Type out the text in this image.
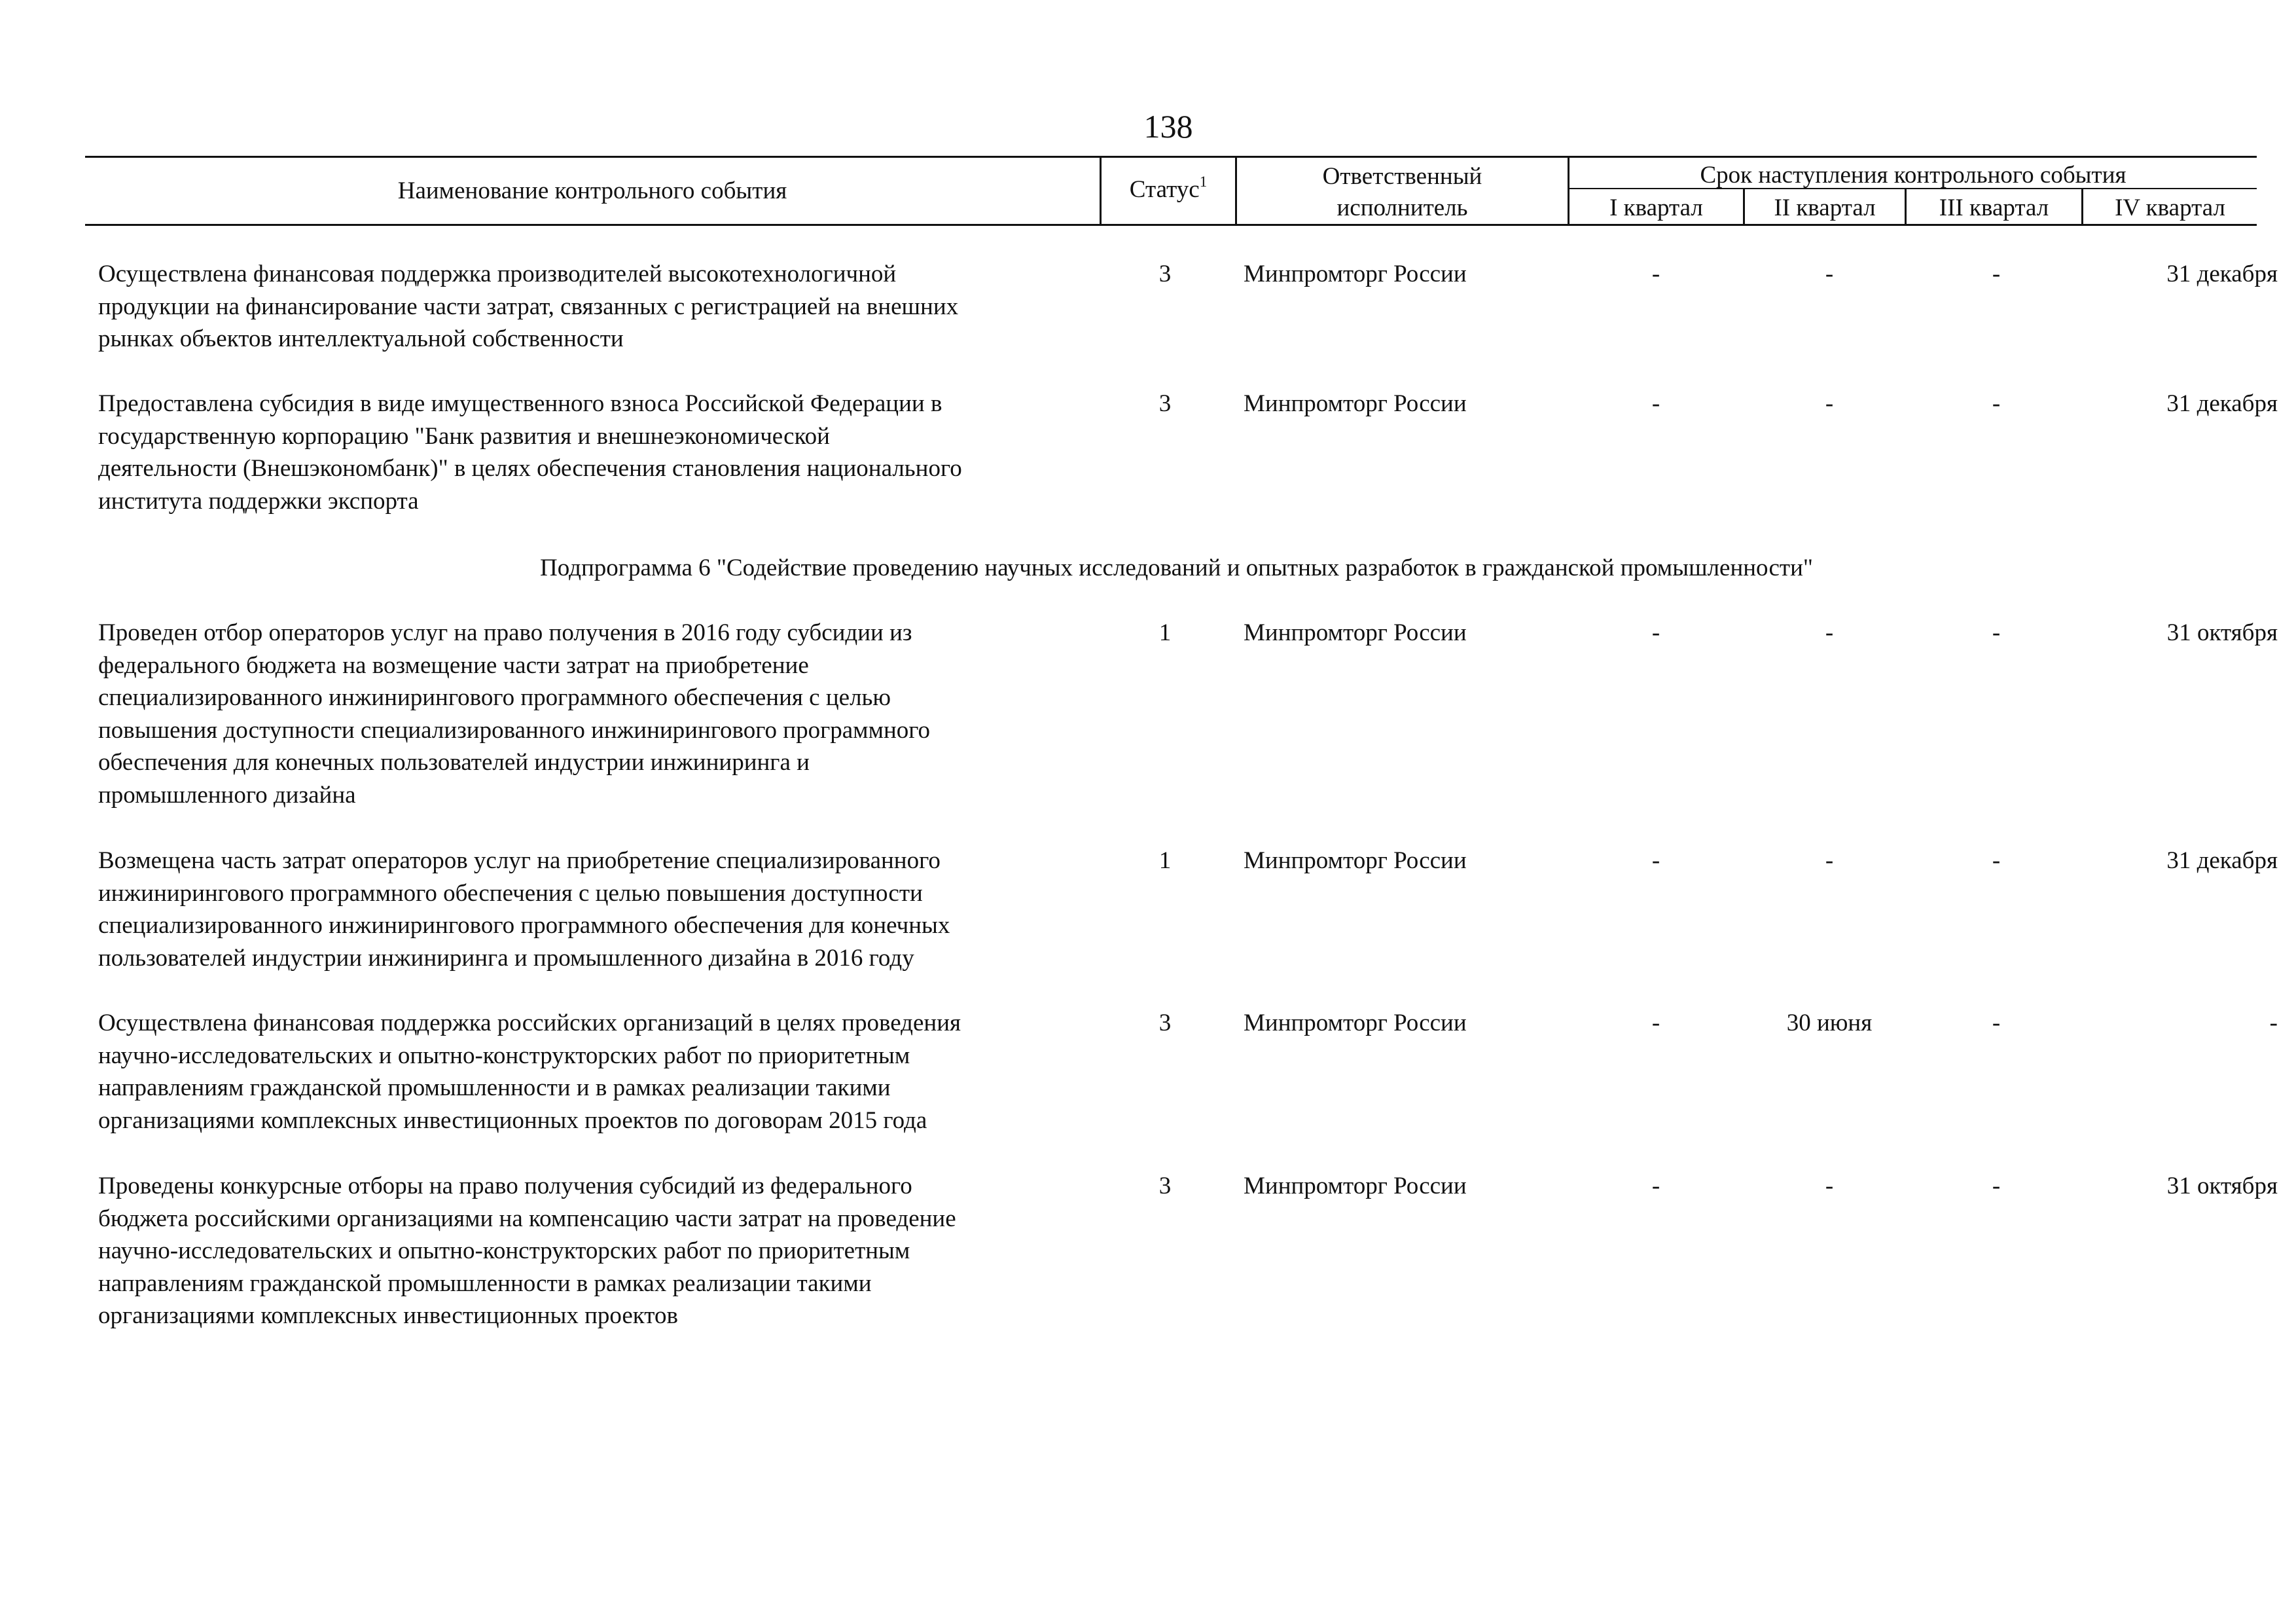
138
Наименование контрольного события	Статус$^1$	Ответственный
исполнитель
Срок наступления контрольного события
I квартал	II квартал	III квартал	IV квартал
Осуществлена финансовая поддержка производителей высокотехнологичной
продукции на финансирование части затрат, связанных с регистрацией на внешних
рынках объектов интеллектуальной собственности
3	Минпромторг России	-	-	-	31 декабря
Предоставлена субсидия в виде имущественного взноса Российской Федерации в
государственную корпорацию "Банк развития и внешнеэкономической
деятельности (Внешэкономбанк)" в целях обеспечения становления национального
института поддержки экспорта
3	Минпромторг России	-	-	-	31 декабря
Подпрограмма 6 "Содействие проведению научных исследований и опытных разработок в гражданской промышленности"
Проведен отбор операторов услуг на право получения в 2016 году субсидии из
федерального бюджета на возмещение части затрат на приобретение
специализированного инжинирингового программного обеспечения с целью
повышения доступности специализированного инжинирингового программного
обеспечения для конечных пользователей индустрии инжиниринга и
промышленного дизайна
1	Минпромторг России	-	-	-	31 октября
Возмещена часть затрат операторов услуг на приобретение специализированного
инжинирингового программного обеспечения с целью повышения доступности
специализированного инжинирингового программного обеспечения для конечных
пользователей индустрии инжиниринга и промышленного дизайна в 2016 году
1	Минпромторг России	-	-	-	31 декабря
Осуществлена финансовая поддержка российских организаций в целях проведения
научно-исследовательских и опытно-конструкторских работ по приоритетным
направлениям гражданской промышленности и в рамках реализации такими
организациями комплексных инвестиционных проектов по договорам 2015 года
3	Минпромторг России	-	30 июня	-	-
Проведены конкурсные отборы на право получения субсидий из федерального
бюджета российскими организациями на компенсацию части затрат на проведение
научно-исследовательских и опытно-конструкторских работ по приоритетным
направлениям гражданской промышленности в рамках реализации такими
организациями комплексных инвестиционных проектов
3	Минпромторг России	-	-	-	31 октября
